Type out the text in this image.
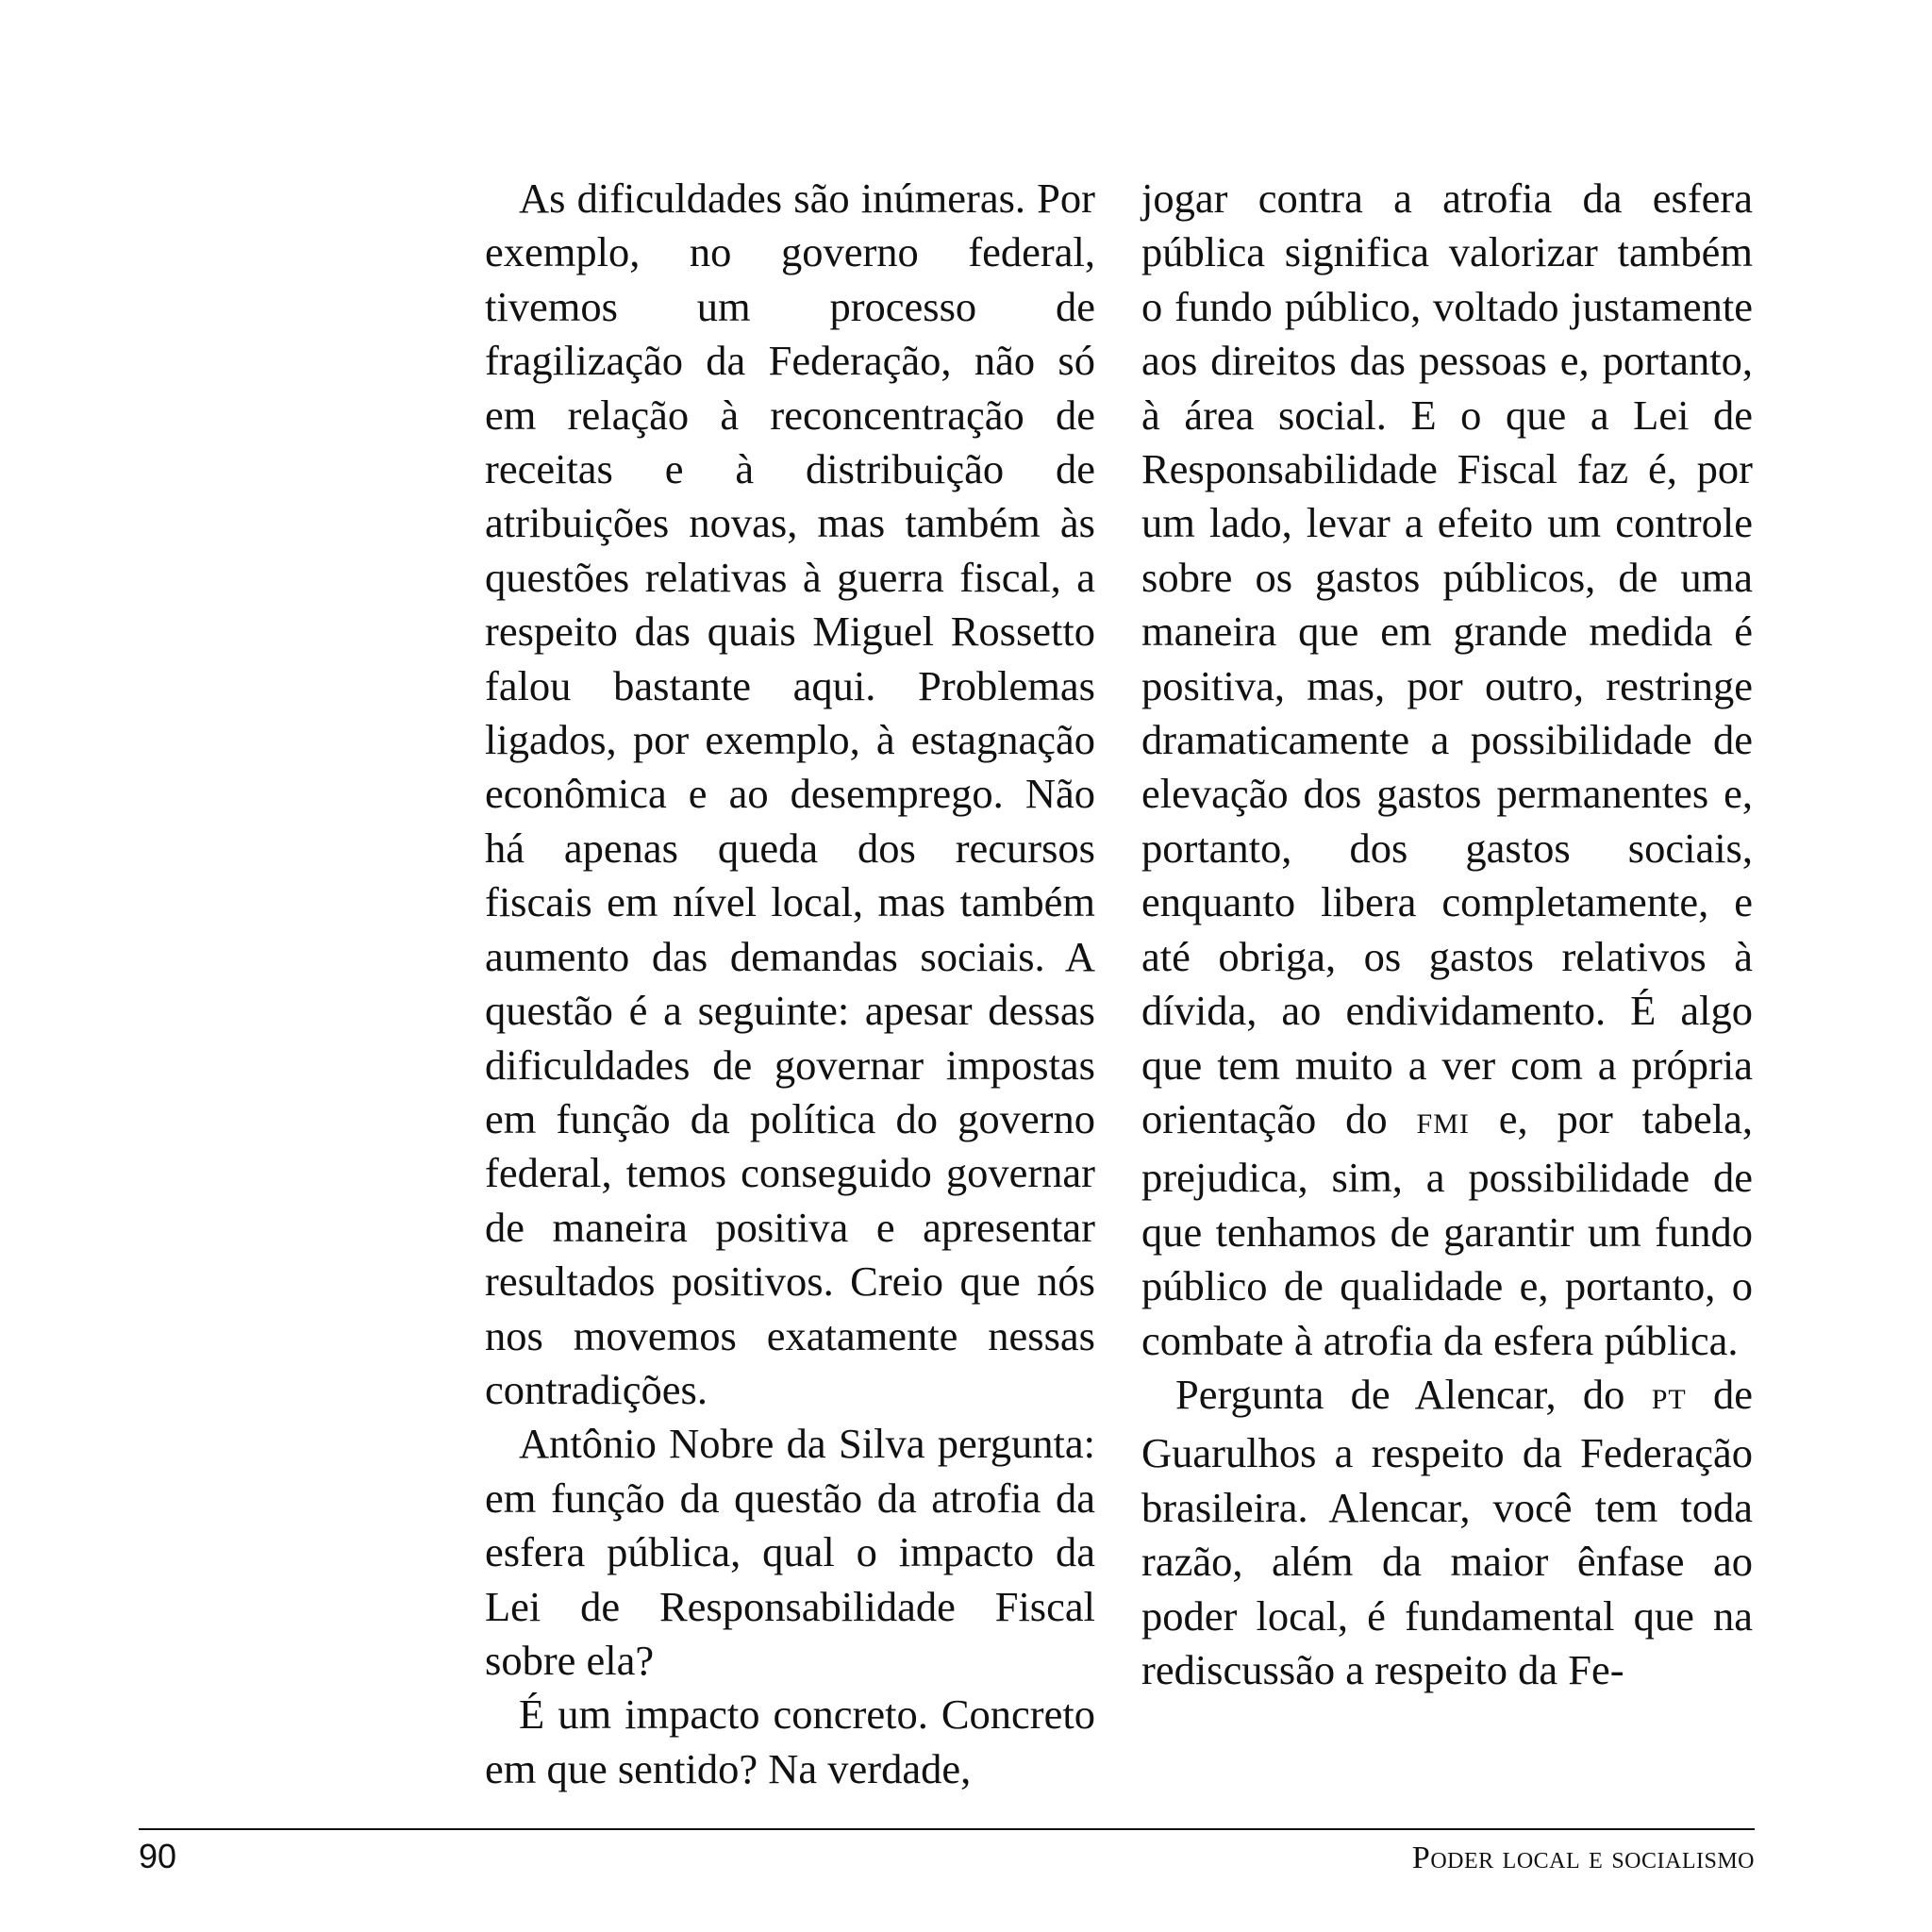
As dificuldades são inúmeras. Por exemplo, no governo federal, tivemos um processo de fragilização da Federação, não só em relação à reconcentração de receitas e à distribuição de atribuições novas, mas também às questões relativas à guerra fiscal, a respeito das quais Miguel Rossetto falou bastante aqui. Problemas ligados, por exemplo, à estagnação econômica e ao desemprego. Não há apenas queda dos recursos fiscais em nível local, mas também aumento das demandas sociais. A questão é a seguinte: apesar dessas dificuldades de governar impostas em função da política do governo federal, temos conseguido governar de maneira positiva e apresentar resultados positivos. Creio que nós nos movemos exatamente nessas contradições.

Antônio Nobre da Silva pergunta: em função da questão da atrofia da esfera pública, qual o impacto da Lei de Responsabilidade Fiscal sobre ela?

É um impacto concreto. Concreto em que sentido? Na verdade,

jogar contra a atrofia da esfera pública significa valorizar também o fundo público, voltado justamente aos direitos das pessoas e, portanto, à área social. E o que a Lei de Responsabilidade Fiscal faz é, por um lado, levar a efeito um controle sobre os gastos públicos, de uma maneira que em grande medida é positiva, mas, por outro, restringe dramaticamente a possibilidade de elevação dos gastos permanentes e, portanto, dos gastos sociais, enquanto libera completamente, e até obriga, os gastos relativos à dívida, ao endividamento. É algo que tem muito a ver com a própria orientação do FMI e, por tabela, prejudica, sim, a possibilidade de que tenhamos de garantir um fundo público de qualidade e, portanto, o combate à atrofia da esfera pública.

Pergunta de Alencar, do PT de Guarulhos a respeito da Federação brasileira. Alencar, você tem toda razão, além da maior ênfase ao poder local, é fundamental que na rediscussão a respeito da Fe-

90	Poder local e socialismo
